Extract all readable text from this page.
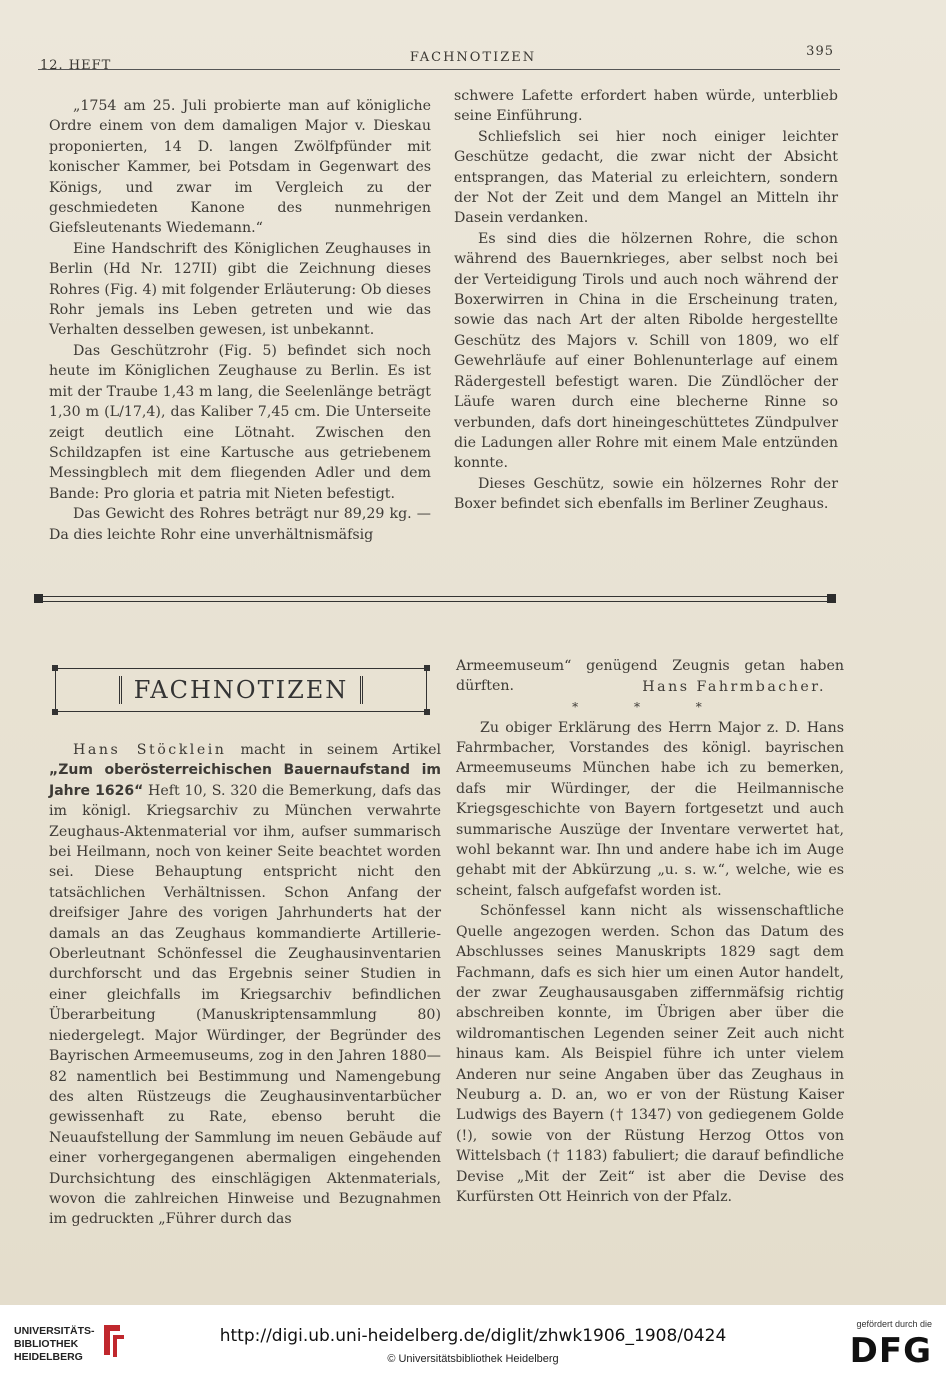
12. HEFT
FACHNOTIZEN	395

„1754 am 25. Juli probierte man auf königliche Ordre einem von dem damaligen Major v. Dieskau proponierten, 14 D. langen Zwölfpfünder mit konischer Kammer, bei Potsdam in Gegenwart des Königs, und zwar im Vergleich zu der geschmiedeten Kanone des nunmehrigen Giefsleutenants Wiedemann.“

Eine Handschrift des Königlichen Zeughauses in Berlin (Hd Nr. 127II) gibt die Zeichnung dieses Rohres (Fig. 4) mit folgender Erläuterung: Ob dieses Rohr jemals ins Leben getreten und wie das Verhalten desselben gewesen, ist unbekannt.

Das Geschützrohr (Fig. 5) befindet sich noch heute im Königlichen Zeughause zu Berlin. Es ist mit der Traube 1,43 m lang, die Seelenlänge beträgt 1,30 m (L/17,4), das Kaliber 7,45 cm. Die Unterseite zeigt deutlich eine Lötnaht. Zwischen den Schildzapfen ist eine Kartusche aus getriebenem Messingblech mit dem fliegenden Adler und dem Bande: Pro gloria et patria mit Nieten befestigt.

Das Gewicht des Rohres beträgt nur 89,29 kg. — Da dies leichte Rohr eine unverhältnismäfsig

schwere Lafette erfordert haben würde, unterblieb seine Einführung.

Schliefslich sei hier noch einiger leichter Geschütze gedacht, die zwar nicht der Absicht entsprangen, das Material zu erleichtern, sondern der Not der Zeit und dem Mangel an Mitteln ihr Dasein verdanken.

Es sind dies die hölzernen Rohre, die schon während des Bauernkrieges, aber selbst noch bei der Verteidigung Tirols und auch noch während der Boxerwirren in China in die Erscheinung traten, sowie das nach Art der alten Ribolde hergestellte Geschütz des Majors v. Schill von 1809, wo elf Gewehrläufe auf einer Bohlenunterlage auf einem Rädergestell befestigt waren. Die Zündlöcher der Läufe waren durch eine blecherne Rinne so verbunden, dafs dort hineingeschüttetes Zündpulver die Ladungen aller Rohre mit einem Male entzünden konnte.

Dieses Geschütz, sowie ein hölzernes Rohr der Boxer befindet sich ebenfalls im Berliner Zeughaus.

FACHNOTIZEN

Hans Stöcklein macht in seinem Artikel „Zum oberösterreichischen Bauernaufstand im Jahre 1626“ Heft 10, S. 320 die Bemerkung, dafs das im königl. Kriegsarchiv zu München verwahrte Zeughaus-Aktenmaterial vor ihm, aufser summarisch bei Heilmann, noch von keiner Seite beachtet worden sei. Diese Behauptung entspricht nicht den tatsächlichen Verhältnissen. Schon Anfang der dreifsiger Jahre des vorigen Jahrhunderts hat der damals an das Zeughaus kommandierte Artillerie-Oberleutnant Schönfessel die Zeughausinventarien durchforscht und das Ergebnis seiner Studien in einer gleichfalls im Kriegsarchiv befindlichen Überarbeitung (Manuskriptensammlung 80) niedergelegt. Major Würdinger, der Begründer des Bayrischen Armeemuseums, zog in den Jahren 1880—82 namentlich bei Bestimmung und Namengebung des alten Rüstzeugs die Zeughausinventarbücher gewissenhaft zu Rate, ebenso beruht die Neuaufstellung der Sammlung im neuen Gebäude auf einer vorhergegangenen abermaligen eingehenden Durchsichtung des einschlägigen Aktenmaterials, wovon die zahlreichen Hinweise und Bezugnahmen im gedruckten „Führer durch das

Armeemuseum“ genügend Zeugnis getan haben dürften.	Hans Fahrmbacher.

* * *

Zu obiger Erklärung des Herrn Major z. D. Hans Fahrmbacher, Vorstandes des königl. bayrischen Armeemuseums München habe ich zu bemerken, dafs mir Würdinger, der die Heilmannische Kriegsgeschichte von Bayern fortgesetzt und auch summarische Auszüge der Inventare verwertet hat, wohl bekannt war. Ihn und andere habe ich im Auge gehabt mit der Abkürzung „u. s. w.“, welche, wie es scheint, falsch aufgefafst worden ist.

Schönfessel kann nicht als wissenschaftliche Quelle angezogen werden. Schon das Datum des Abschlusses seines Manuskripts 1829 sagt dem Fachmann, dafs es sich hier um einen Autor handelt, der zwar Zeughausausgaben ziffernmäfsig richtig abschreiben konnte, im Übrigen aber über die wildromantischen Legenden seiner Zeit auch nicht hinaus kam. Als Beispiel führe ich unter vielem Anderen nur seine Angaben über das Zeughaus in Neuburg a. D. an, wo er von der Rüstung Kaiser Ludwigs des Bayern († 1347) von gediegenem Golde (!), sowie von der Rüstung Herzog Ottos von Wittelsbach († 1183) fabuliert; die darauf befindliche Devise „Mit der Zeit“ ist aber die Devise des Kurfürsten Ott Heinrich von der Pfalz.

UNIVERSITÄTS-
BIBLIOTHEK
HEIDELBERG
http://digi.ub.uni-heidelberg.de/diglit/zhwk1906_1908/0424
© Universitätsbibliothek Heidelberg
gefördert durch die
DFG
